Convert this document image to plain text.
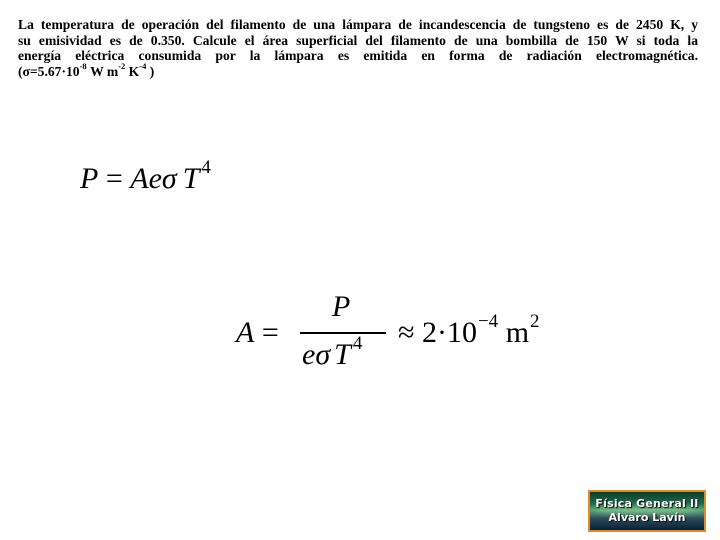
La temperatura de operación del filamento de una lámpara de incandescencia de tungsteno es de 2450 K, y
su emisividad es de 0.350. Calcule el área superficial del filamento de una bombilla de 150 W si toda la
energía eléctrica consumida por la lámpara es emitida en forma de radiación electromagnética.
($\sigma=5.67\cdot 10^{-8}$ W $m^{-2}$ $K^{-4}$ )
P = Aeσ T $^4$
A =
P
eσ T $^4 \approx 2\cdot 10^{-4}$ $m^2$
Física General II
Alvaro Lavín
